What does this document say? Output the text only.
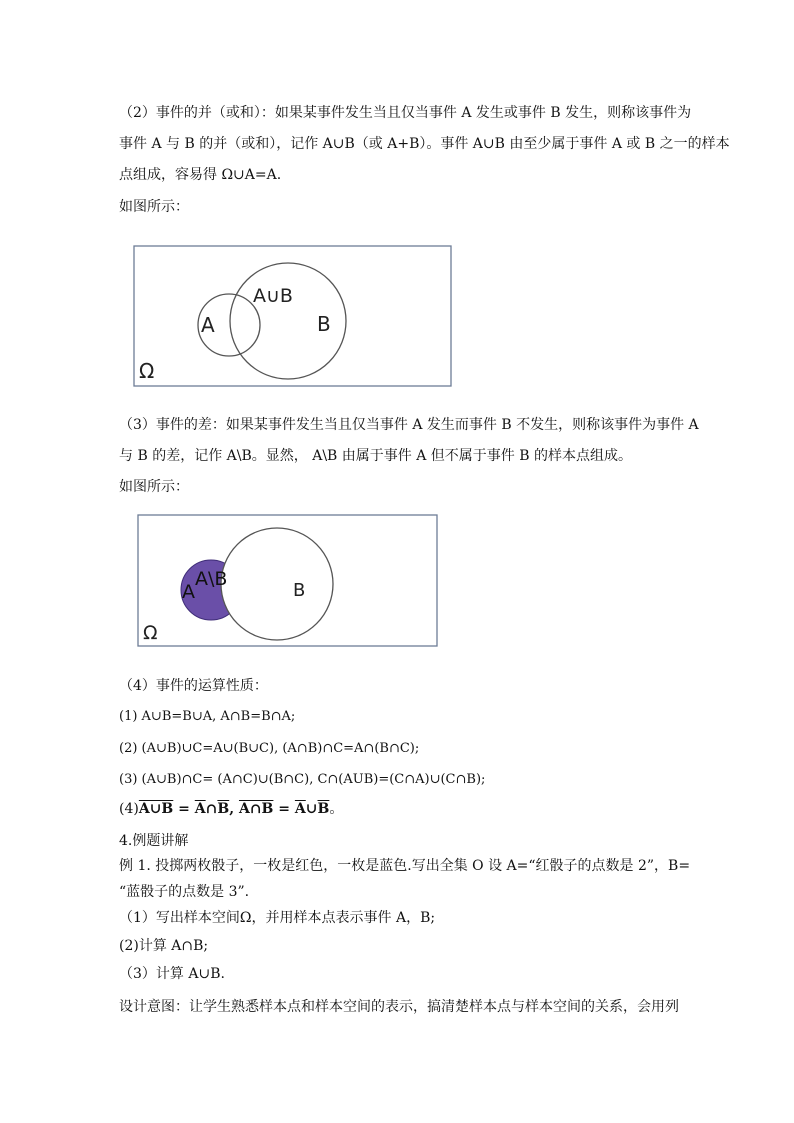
（2）事件的并（或和）：如果某事件发生当且仅当事件 A 发生或事件 B 发生，则称该事件为
事件 A 与 B 的并（或和），记作 A∪B（或 A+B）。事件 A∪B 由至少属于事件 A 或 B 之一的样本
点组成，容易得 Ω∪A=A.
如图所示：
A∪B
A	B
Ω
（3）事件的差：如果某事件发生当且仅当事件 A 发生而事件 B 不发生，则称该事件为事件 A
与 B 的差，记作 A\B。显然， A\B 由属于事件 A 但不属于事件 B 的样本点组成。
如图所示：
A\B
A	B
Ω
（4）事件的运算性质：
(1) A∪B=B∪A, A∩B=B∩A;
(2) (A∪B)∪C=A∪(B∪C), (A∩B)∩C=A∩(B∩C);
(3) (A∪B)∩C= (A∩C)∪(B∩C), C∩(AUB)=(C∩A)∪(C∩B);
(4)A∪B = $\overline{A}\cap\overline{B}$, A∩B = $\overline{A}\cup\overline{B}$。
4.例题讲解
例 1. 投掷两枚骰子，一枚是红色，一枚是蓝色.写出全集 O 设 A=“红骰子的点数是 2”，B=
“蓝骰子的点数是 3”.
（1）写出样本空间Ω，并用样本点表示事件 A，B;
(2)计算 A∩B;
（3）计算 A∪B.
设计意图：让学生熟悉样本点和样本空间的表示，搞清楚样本点与样本空间的关系，会用列
